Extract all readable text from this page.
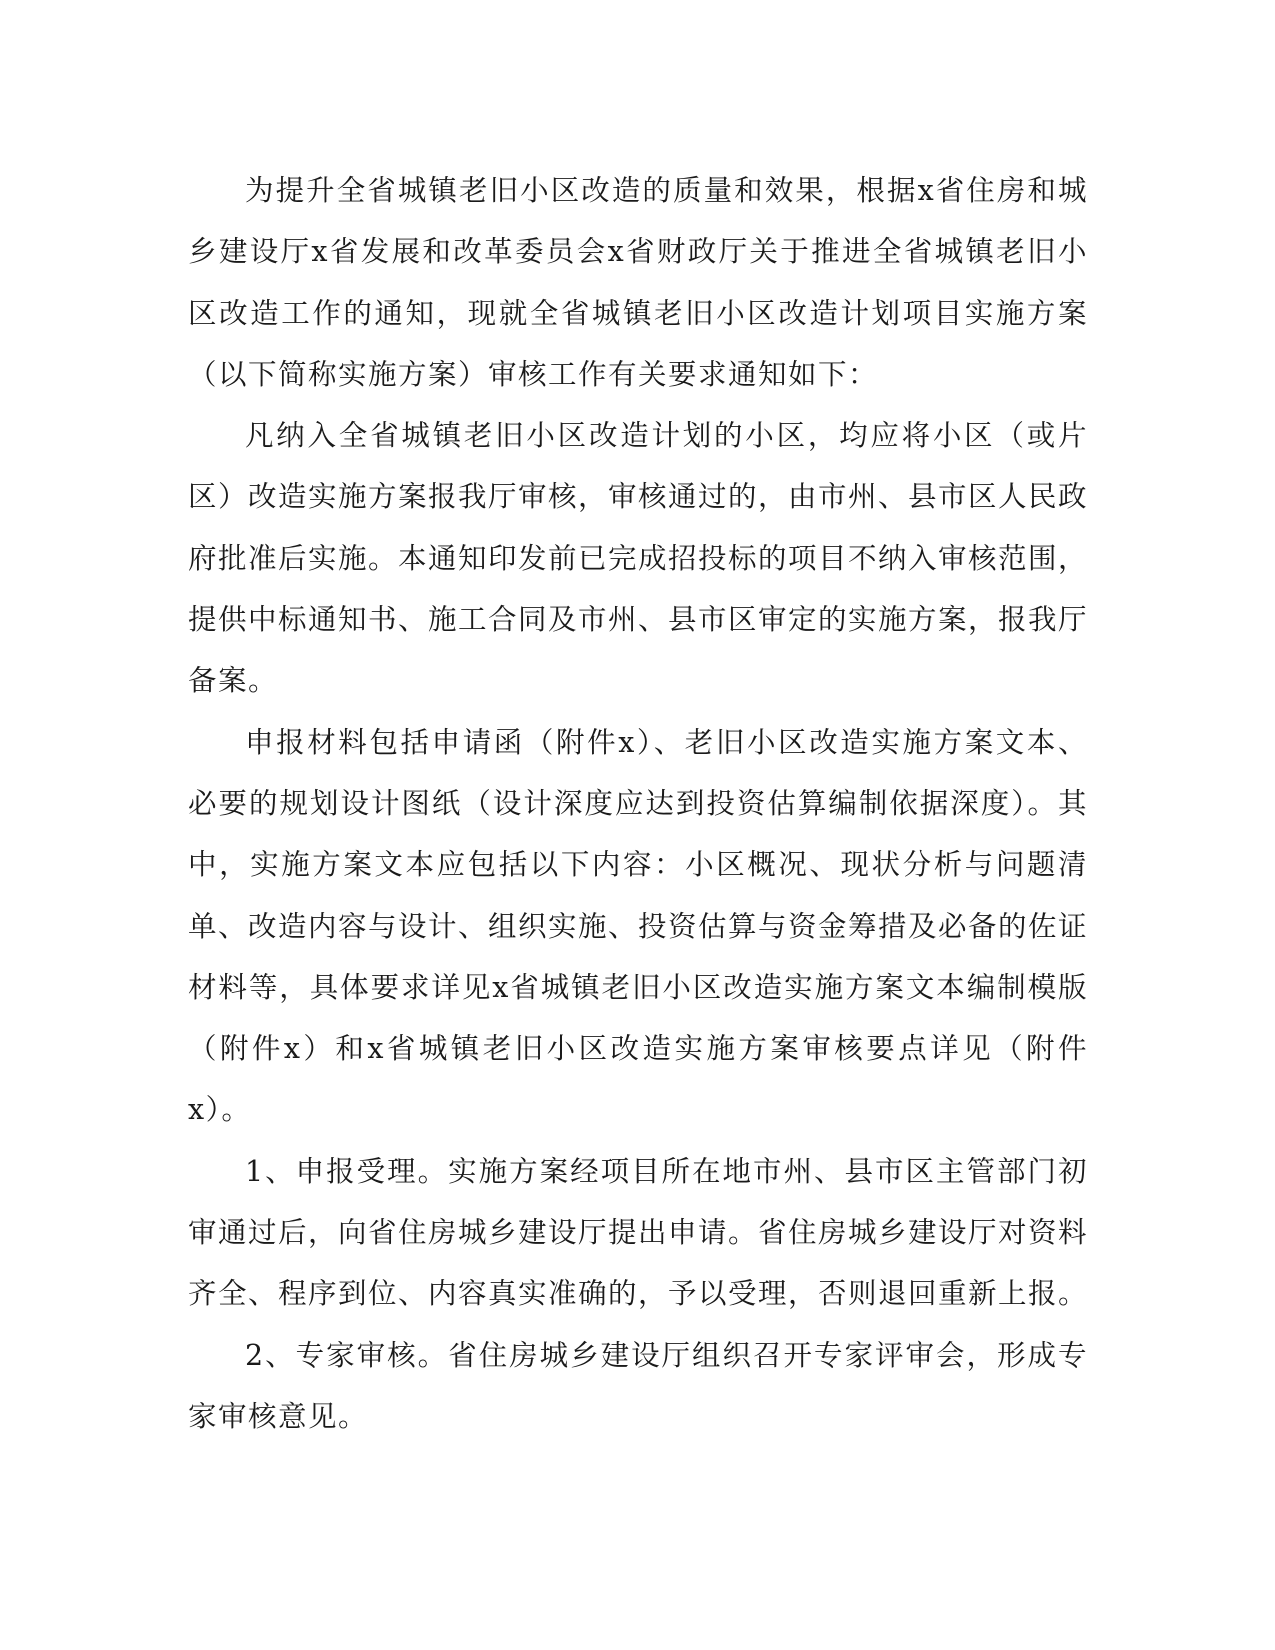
为提升全省城镇老旧小区改造的质量和效果，根据x省住房和城乡建设厅x省发展和改革委员会x省财政厅关于推进全省城镇老旧小区改造工作的通知，现就全省城镇老旧小区改造计划项目实施方案（以下简称实施方案）审核工作有关要求通知如下：

凡纳入全省城镇老旧小区改造计划的小区，均应将小区（或片区）改造实施方案报我厅审核，审核通过的，由市州、县市区人民政府批准后实施。本通知印发前已完成招投标的项目不纳入审核范围，提供中标通知书、施工合同及市州、县市区审定的实施方案，报我厅备案。

申报材料包括申请函（附件x）、老旧小区改造实施方案文本、必要的规划设计图纸（设计深度应达到投资估算编制依据深度）。其中，实施方案文本应包括以下内容：小区概况、现状分析与问题清单、改造内容与设计、组织实施、投资估算与资金筹措及必备的佐证材料等，具体要求详见x省城镇老旧小区改造实施方案文本编制模版（附件x）和x省城镇老旧小区改造实施方案审核要点详见（附件x）。

1、申报受理。实施方案经项目所在地市州、县市区主管部门初审通过后，向省住房城乡建设厅提出申请。省住房城乡建设厅对资料齐全、程序到位、内容真实准确的，予以受理，否则退回重新上报。

2、专家审核。省住房城乡建设厅组织召开专家评审会，形成专家审核意见。
